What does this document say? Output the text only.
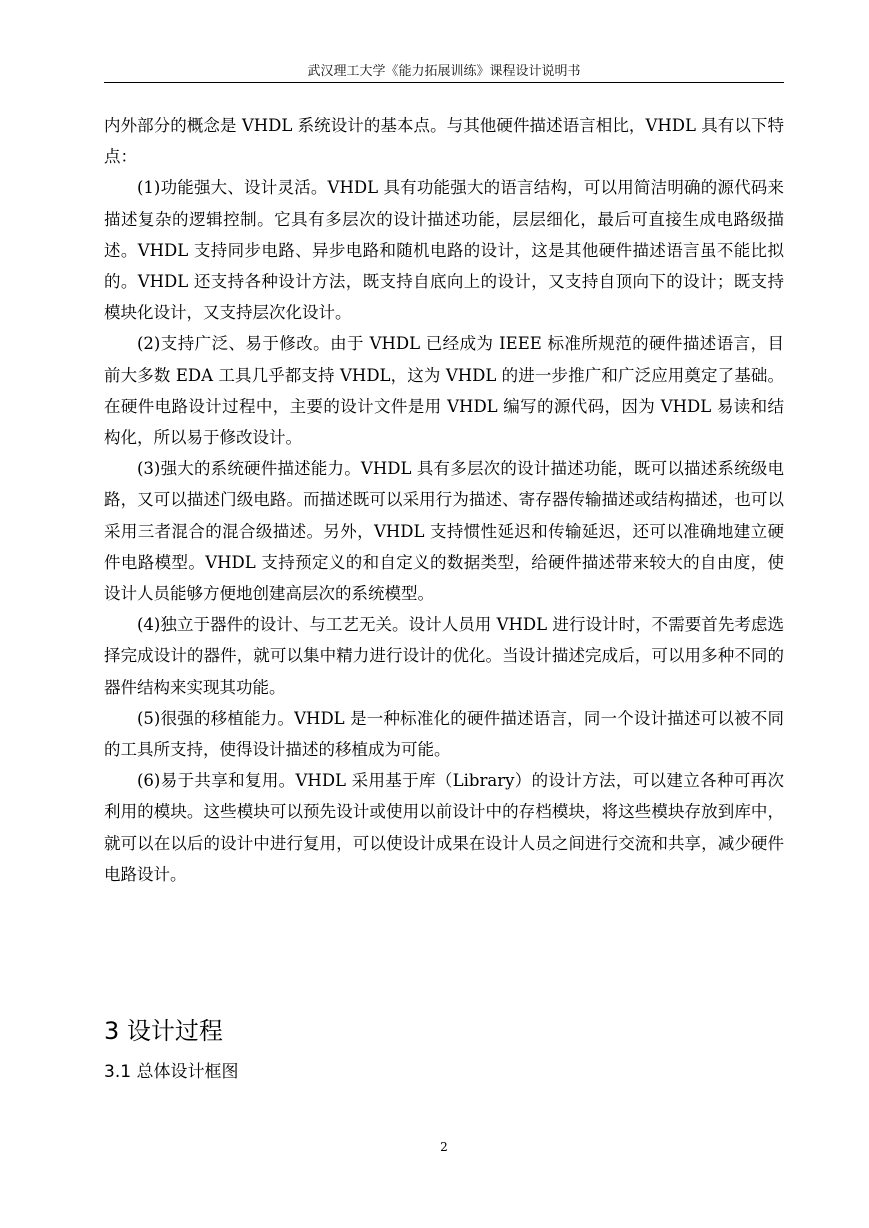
武汉理工大学《能力拓展训练》课程设计说明书

内外部分的概念是 VHDL 系统设计的基本点。与其他硬件描述语言相比，VHDL 具有以下特点：

(1)功能强大、设计灵活。VHDL 具有功能强大的语言结构，可以用简洁明确的源代码来描述复杂的逻辑控制。它具有多层次的设计描述功能，层层细化，最后可直接生成电路级描述。VHDL 支持同步电路、异步电路和随机电路的设计，这是其他硬件描述语言虽不能比拟的。VHDL 还支持各种设计方法，既支持自底向上的设计，又支持自顶向下的设计；既支持模块化设计，又支持层次化设计。

(2)支持广泛、易于修改。由于 VHDL 已经成为 IEEE 标准所规范的硬件描述语言，目前大多数 EDA 工具几乎都支持 VHDL，这为 VHDL 的进一步推广和广泛应用奠定了基础。在硬件电路设计过程中，主要的设计文件是用 VHDL 编写的源代码，因为 VHDL 易读和结构化，所以易于修改设计。

(3)强大的系统硬件描述能力。VHDL 具有多层次的设计描述功能，既可以描述系统级电路，又可以描述门级电路。而描述既可以采用行为描述、寄存器传输描述或结构描述，也可以采用三者混合的混合级描述。另外，VHDL 支持惯性延迟和传输延迟，还可以准确地建立硬件电路模型。VHDL 支持预定义的和自定义的数据类型，给硬件描述带来较大的自由度，使设计人员能够方便地创建高层次的系统模型。

(4)独立于器件的设计、与工艺无关。设计人员用 VHDL 进行设计时，不需要首先考虑选择完成设计的器件，就可以集中精力进行设计的优化。当设计描述完成后，可以用多种不同的器件结构来实现其功能。

(5)很强的移植能力。VHDL 是一种标准化的硬件描述语言，同一个设计描述可以被不同的工具所支持，使得设计描述的移植成为可能。

(6)易于共享和复用。VHDL 采用基于库（Library）的设计方法，可以建立各种可再次利用的模块。这些模块可以预先设计或使用以前设计中的存档模块，将这些模块存放到库中，就可以在以后的设计中进行复用，可以使设计成果在设计人员之间进行交流和共享，减少硬件电路设计。

3 设计过程
3.1 总体设计框图
2
